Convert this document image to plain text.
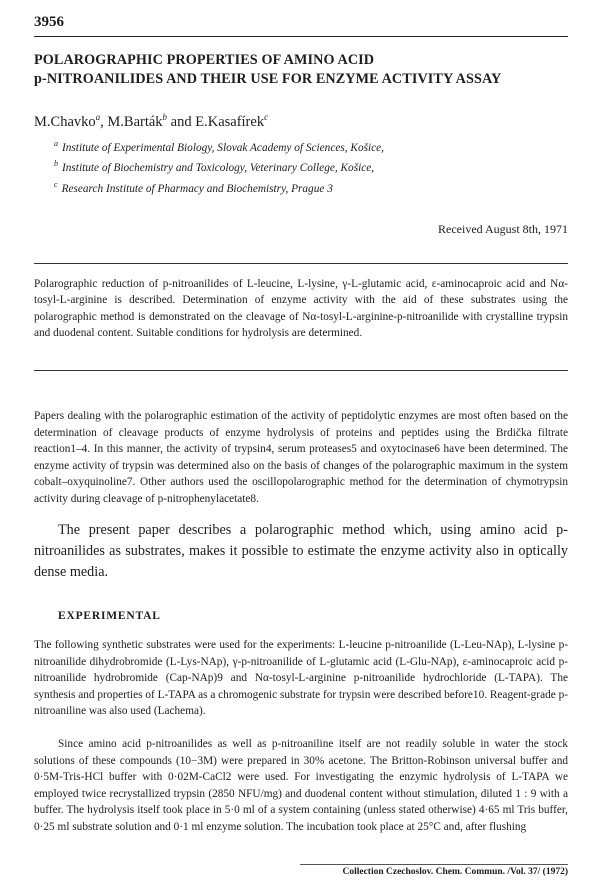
3956
POLAROGRAPHIC PROPERTIES OF AMINO ACID
p-NITROANILIDES AND THEIR USE FOR ENZYME ACTIVITY ASSAY
M.Chavko$^a$, M.Barták$^b$ and E.Kasafírek$^c$
$^a$ Institute of Experimental Biology, Slovak Academy of Sciences, Košice,
$^b$ Institute of Biochemistry and Toxicology, Veterinary College, Košice,
$^c$ Research Institute of Pharmacy and Biochemistry, Prague 3
Received August 8th, 1971
Polarographic reduction of p-nitroanilides of L-leucine, L-lysine, γ-L-glutamic acid, ε-aminocaproic acid and Nα-tosyl-L-arginine is described. Determination of enzyme activity with the aid of these substrates using the polarographic method is demonstrated on the cleavage of Nα-tosyl-L-arginine-p-nitroanilide with crystalline trypsin and duodenal content. Suitable conditions for hydrolysis are determined.
Papers dealing with the polarographic estimation of the activity of peptidolytic enzymes are most often based on the determination of cleavage products of enzyme hydrolysis of proteins and peptides using the Brdička filtrate reaction1–4. In this manner, the activity of trypsin4, serum proteases5 and oxytocinase6 have been determined. The enzyme activity of trypsin was determined also on the basis of changes of the polarographic maximum in the system cobalt–oxyquinoline7. Other authors used the oscillopolarographic method for the determination of chymotrypsin activity during cleavage of p-nitrophenylacetate8.
The present paper describes a polarographic method which, using amino acid p-nitroanilides as substrates, makes it possible to estimate the enzyme activity also in optically dense media.
EXPERIMENTAL
The following synthetic substrates were used for the experiments: L-leucine p-nitroanilide (L-Leu-NAp), L-lysine p-nitroanilide dihydrobromide (L-Lys-NAp), γ-p-nitroanilide of L-glutamic acid (L-Glu-NAp), ε-aminocaproic acid p-nitroanilide hydrobromide (Cap-NAp)9 and Nα-tosyl-L-arginine p-nitroanilide hydrochloride (L-TAPA). The synthesis and properties of L-TAPA as a chromogenic substrate for trypsin were described before10. Reagent-grade p-nitroaniline was also used (Lachema).
Since amino acid p-nitroanilides as well as p-nitroaniline itself are not readily soluble in water the stock solutions of these compounds (10−3M) were prepared in 30% acetone. The Britton-Robinson universal buffer and 0·5M-Tris-HCl buffer with 0·02M-CaCl2 were used. For investigating the enzymic hydrolysis of L-TAPA we employed twice recrystallized trypsin (2850 NFU/mg) and duodenal content without stimulation, diluted 1 : 9 with a buffer. The hydrolysis itself took place in 5·0 ml of a system containing (unless stated otherwise) 4·65 ml Tris buffer, 0·25 ml substrate solution and 0·1 ml enzyme solution. The incubation took place at 25°C and, after flushing
Collection Czechoslov. Chem. Commun. /Vol. 37/ (1972)
